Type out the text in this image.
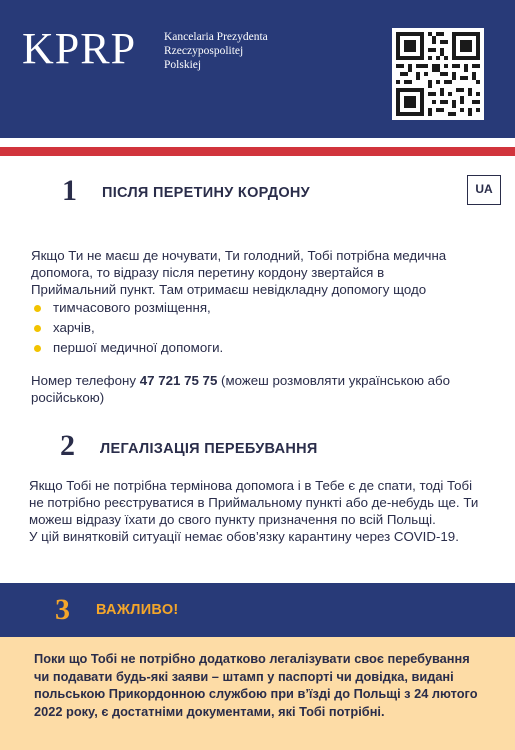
KPRP Kancelaria Prezydenta
Rzeczypospolitej
Polskiej
1 ПІСЛЯ ПЕРЕТИНУ КОРДОНУ	UA
Якщо Ти не маєш де ночувати, Ти голодний, Тобі потрібна медична
допомога, то відразу після перетину кордону звертайся в
Приймальний пункт. Там отримаєш невідкладну допомогу щодо
тимчасового розміщення,
харчів,
першої медичної допомоги.
Номер телефону 47 721 75 75 (можеш розмовляти українською або
російською)
2 ЛЕГАЛІЗАЦІЯ ПЕРЕБУВАННЯ
Якщо Тобі не потрібна термінова допомога і в Тебе є де спати, тоді Тобі
не потрібно реєструватися в Приймальному пункті або де-небудь ще. Ти
можеш відразу їхати до свого пункту призначення по всій Польщі.
У цій винятковій ситуації немає обов’язку карантину через COVID-19.
3 ВАЖЛИВО!
Поки що Тобі не потрібно додатково легалізувати своє перебування
чи подавати будь-які заяви – штамп у паспорті чи довідка, видані
польською Прикордонною службою при в’їзді до Польщі з 24 лютого
2022 року, є достатніми документами, які Тобі потрібні.
